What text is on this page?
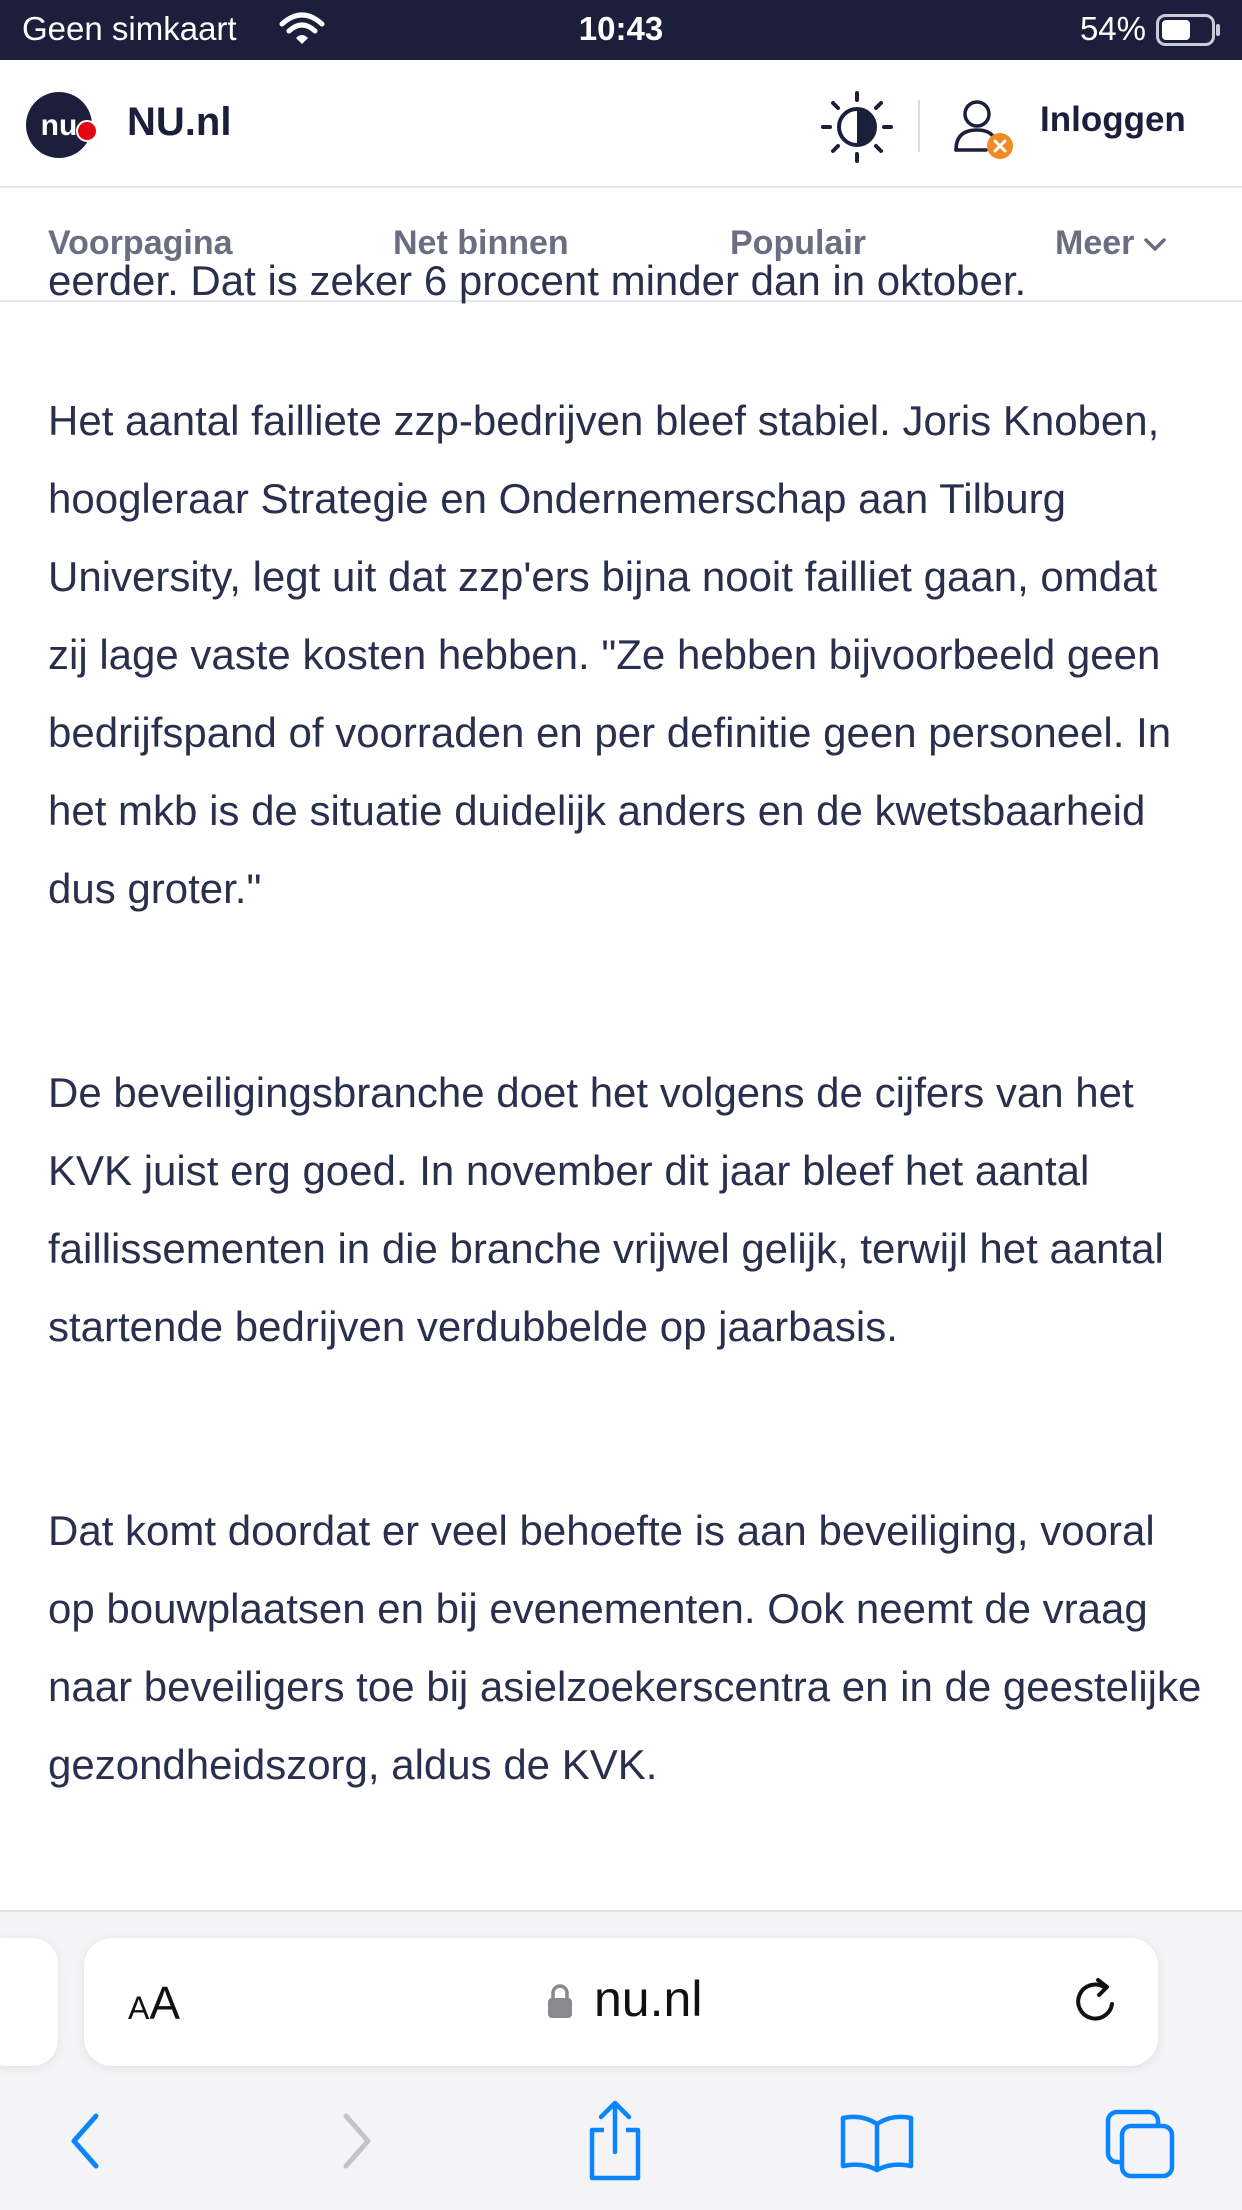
Geen simkaart	10:43	54%
nu NU.nl	Inloggen
Voorpagina	Net binnen	Populair	Meer
eerder. Dat is zeker 6 procent minder dan in oktober.

Het aantal failliete zzp-bedrijven bleef stabiel. Joris Knoben, hoogleraar Strategie en Ondernemerschap aan Tilburg University, legt uit dat zzp'ers bijna nooit failliet gaan, omdat zij lage vaste kosten hebben. "Ze hebben bijvoorbeeld geen bedrijfspand of voorraden en per definitie geen personeel. In het mkb is de situatie duidelijk anders en de kwetsbaarheid dus groter."

De beveiligingsbranche doet het volgens de cijfers van het KVK juist erg goed. In november dit jaar bleef het aantal faillissementen in die branche vrijwel gelijk, terwijl het aantal startende bedrijven verdubbelde op jaarbasis.

Dat komt doordat er veel behoefte is aan beveiliging, vooral op bouwplaatsen en bij evenementen. Ook neemt de vraag naar beveiligers toe bij asielzoekerscentra en in de geestelijke gezondheidszorg, aldus de KVK.

AA	nu.nl
